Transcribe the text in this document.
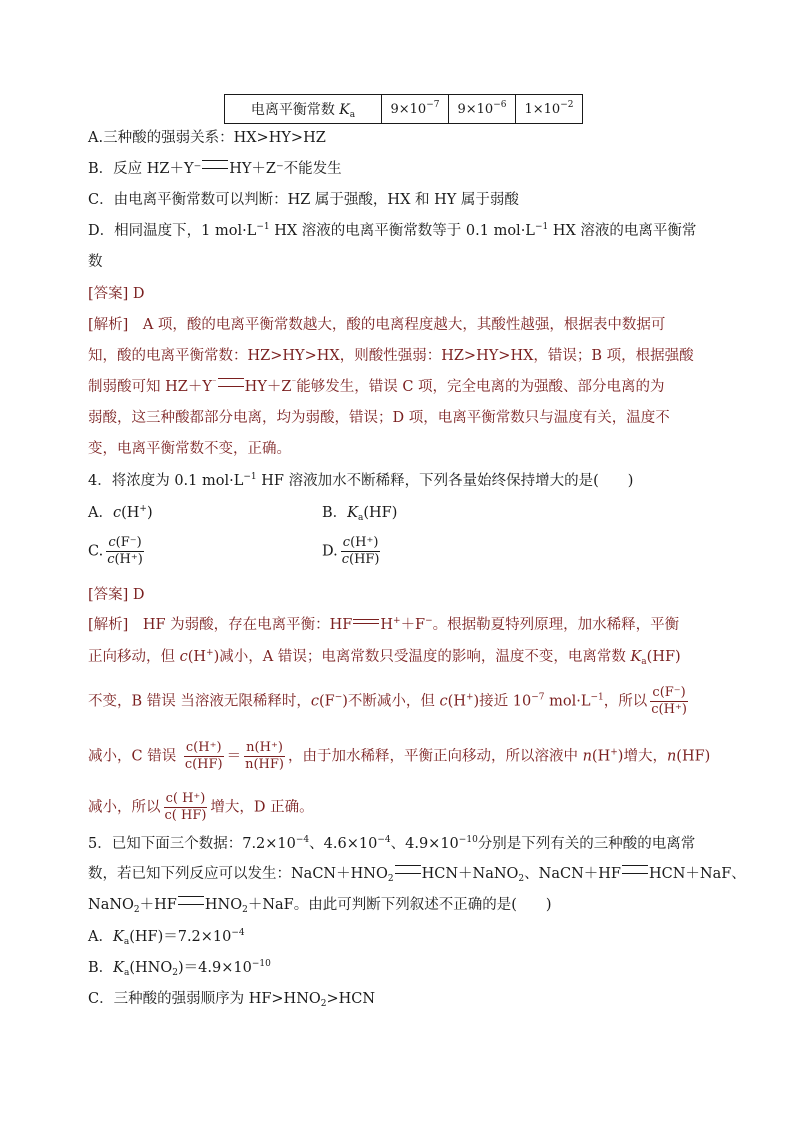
电离平衡常数 $K_a$	$9\times 10^{-7}$	$9\times 10^{-6}$	$1\times 10^{-2}$
A.三种酸的强弱关系：HX>HY>HZ
B．反应 HZ＋Y⁻ HY＋Z⁻不能发生
C．由电离平衡常数可以判断：HZ 属于强酸，HX 和 HY 属于弱酸
D．相同温度下，1 $mol\cdot L^{-1}$ HX 溶液的电离平衡常数等于 0.1 $mol\cdot L^{-1}$ HX 溶液的电离平衡常
数
[答案] D
[解析]　A 项，酸的电离平衡常数越大，酸的电离程度越大，其酸性越强，根据表中数据可
知，酸的电离平衡常数：HZ>HY>HX，则酸性强弱：HZ>HY>HX，错误；B 项，根据强酸
制弱酸可知 HZ＋Y⁻ HY＋Z⁻能够发生，错误 C 项，完全电离的为强酸、部分电离的为
弱酸，这三种酸都部分电离，均为弱酸，错误；D 项，电离平衡常数只与温度有关，温度不
变，电离平衡常数不变，正确。
4．将浓度为 0.1 $mol\cdot L^{-1}$ HF 溶液加水不断稀释，下列各量始终保持增大的是(　　)
A．c(H+)	B．$K_a(HF)$
C. $\frac{c(F^-)}{c(H^+)}$	D. $\frac{c(H^+)}{c(HF)}$
[答案] D
[解析]　HF 为弱酸，存在电离平衡：HF H+＋F−。根据勒夏特列原理，加水稀释，平衡
正向移动，但 c(H+)减小，A 错误；电离常数只受温度的影响，温度不变，电离常数 $K_a(HF)$
不变，B 错误 当溶液无限稀释时，c(F−)不断减小，但 c(H+)接近 $10^{-7}$ $mol\cdot L^{-1}$，所以 $\frac{c(F^-)}{c(H^+)}$
减小，C 错误 $\frac{c(H^+)}{c(HF)} = \frac{n(H^+)}{n(HF)}$ ，由于加水稀释，平衡正向移动，所以溶液中 n(H+)增大，n(HF)
减小，所以 $\frac{c( H^+)}{c( HF)}$ 增大，D 正确。
5．已知下面三个数据：$7.2\times 10^{-4}$、$4.6\times 10^{-4}$、$4.9\times 10^{-10}$分别是下列有关的三种酸的电离常
数，若已知下列反应可以发生：$NaCN+HNO_2$ HCN＋NaNO$_2$、NaCN＋HF HCN＋NaF、
NaNO$_2$＋HF $HNO_2+NaF$。由此可判断下列叙述不正确的是(　　)
A．$K_a(HF)=7.2\times 10^{-4}$
B．$K_a(HNO_2)=4.9\times 10^{-10}$
C．三种酸的强弱顺序为 $HF>HNO_2>HCN$
